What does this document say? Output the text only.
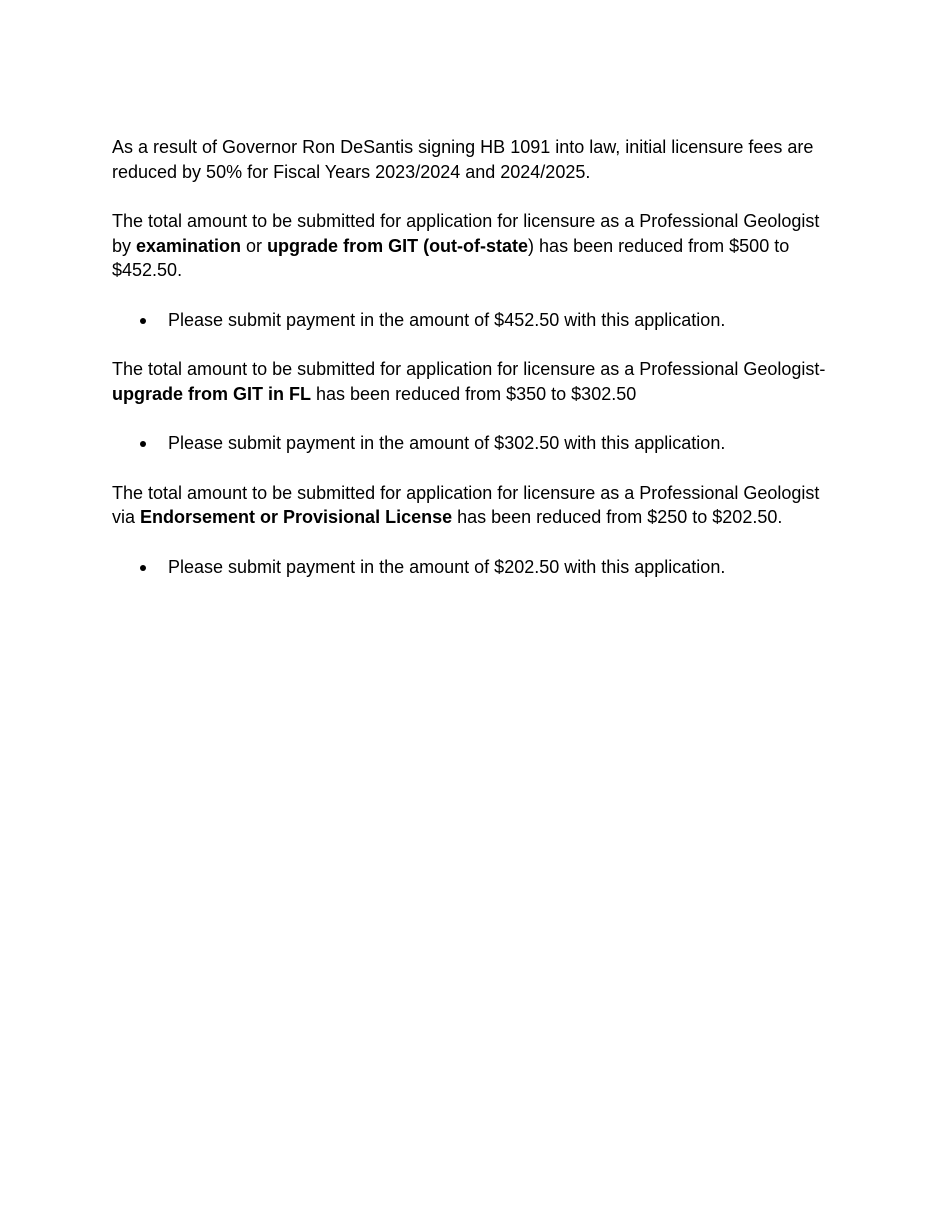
As a result of Governor Ron DeSantis signing HB 1091 into law, initial licensure fees are reduced by 50% for Fiscal Years 2023/2024 and 2024/2025.

The total amount to be submitted for application for licensure as a Professional Geologist by examination or upgrade from GIT (out-of-state) has been reduced from $500 to $452.50.

Please submit payment in the amount of $452.50 with this application.

The total amount to be submitted for application for licensure as a Professional Geologist- upgrade from GIT in FL has been reduced from $350 to $302.50

Please submit payment in the amount of $302.50 with this application.

The total amount to be submitted for application for licensure as a Professional Geologist via Endorsement or Provisional License has been reduced from $250 to $202.50.

Please submit payment in the amount of $202.50 with this application.
